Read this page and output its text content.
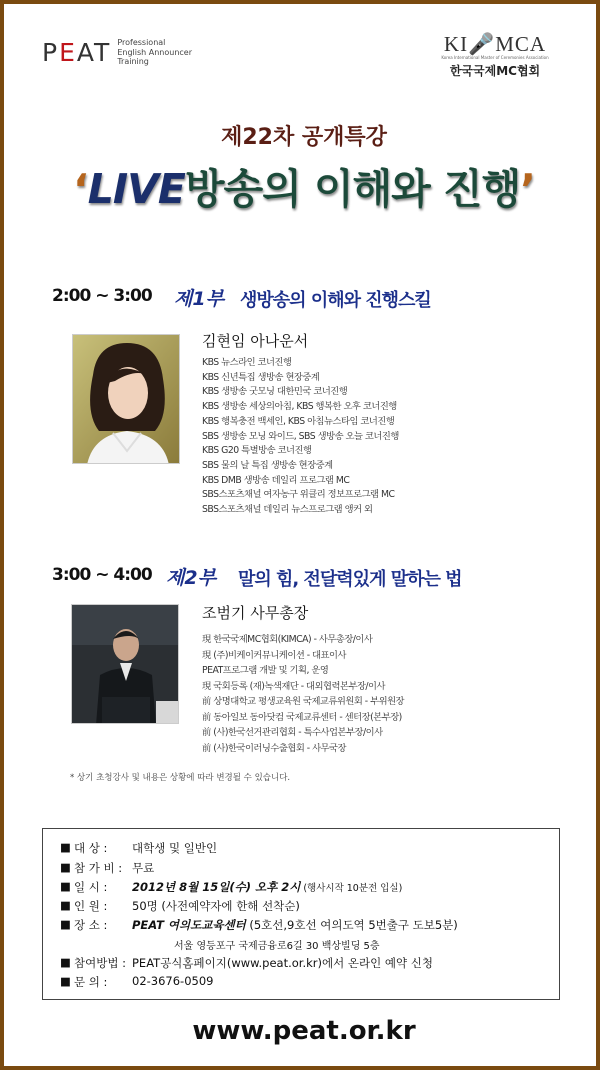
PEAT Professional
English Announcer
Training
KI🎤MCA
Korea International Master of Ceremonies Association
한국국제MC협회
제22차 공개특강
‘LIVE방송의 이해와 진행’
2:00 ~ 3:00 제1부 생방송의 이해와 진행스킬
김현임 아나운서
KBS 뉴스라인 코너진행
KBS 신년특집 생방송 현장중계
KBS 생방송 굿모닝 대한민국 코너진행
KBS 생방송 세상의아침, KBS 행복한 오후 코너진행
KBS 행복충전 백세인, KBS 아침뉴스타임 코너진행
SBS 생방송 모닝 와이드, SBS 생방송 오늘 코너진행
KBS G20 특별방송 코너진행
SBS 물의 날 특집 생방송 현장중계
KBS DMB 생방송 데일리 프로그램 MC
SBS스포츠채널 여자농구 위클리 정보프로그램 MC
SBS스포츠채널 데일리 뉴스프로그램 앵커 외
3:00 ~ 4:00 제2부 말의 힘, 전달력있게 말하는 법
조범기 사무총장
現 한국국제MC협회(KIMCA) - 사무총장/이사
現 (주)비케이커뮤니케이션 - 대표이사
PEAT프로그램 개발 및 기획, 운영
現 국회등록 (재)녹색재단 - 대외협력본부장/이사
前 상명대학교 평생교육원 국제교류위원회 - 부위원장
前 동아일보 동아닷컴 국제교류센터 - 센터장(본부장)
前 (사)한국선거관리협회 - 특수사업본부장/이사
前 (사)한국이러닝수출협회 - 사무국장
* 상기 초청강사 및 내용은 상황에 따라 변경될 수 있습니다.
■ 대 상 :	대학생 및 일반인
■ 참 가 비 : 무료
■ 일 시 :	2012년 8월 15일(수) 오후 2시 (행사시작 10분전 입실)
■ 인 원 :	50명 (사전예약자에 한해 선착순)
■ 장 소 :	PEAT 여의도교육센터 (5호선,9호선 여의도역 5번출구 도보5분)
서울 영등포구 국제금융로6길 30 백상빌딩 5층
■ 참여방법 : PEAT공식홈페이지(www.peat.or.kr)에서 온라인 예약 신청
■ 문 의 :	02-3676-0509
www.peat.or.kr
